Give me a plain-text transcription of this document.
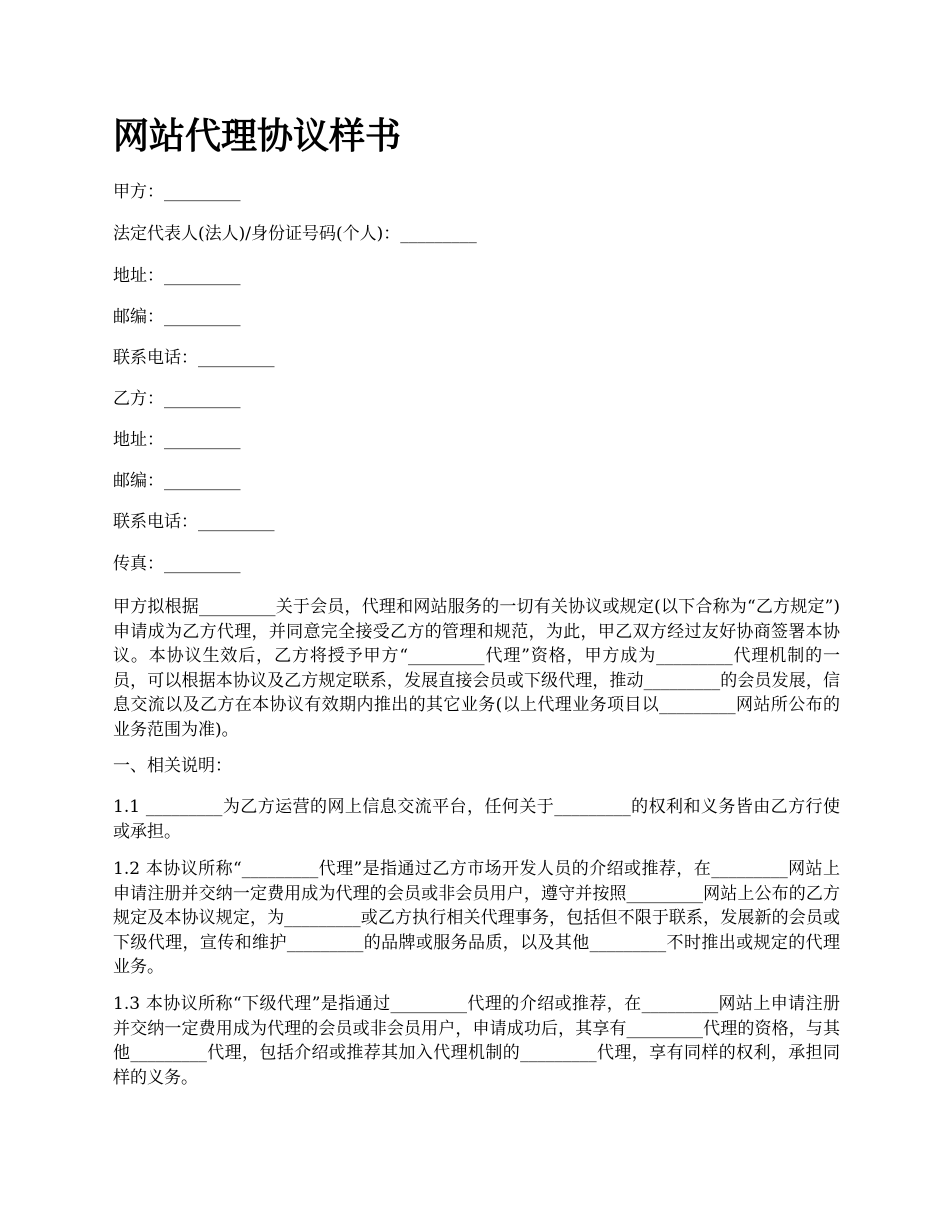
网站代理协议样书

甲方：_________

法定代表人(法人)/身份证号码(个人)：_________

地址：_________

邮编：_________

联系电话：_________

乙方：_________

地址：_________

邮编：_________

联系电话：_________

传真：_________

甲方拟根据_________关于会员，代理和网站服务的一切有关协议或规定(以下合称为“乙方规定”)申请成为乙方代理，并同意完全接受乙方的管理和规范，为此，甲乙双方经过友好协商签署本协议。本协议生效后，乙方将授予甲方“_________代理”资格，甲方成为_________代理机制的一员，可以根据本协议及乙方规定联系，发展直接会员或下级代理，推动_________的会员发展，信息交流以及乙方在本协议有效期内推出的其它业务(以上代理业务项目以_________网站所公布的业务范围为准)。

一、相关说明：

1.1 _________为乙方运营的网上信息交流平台，任何关于_________的权利和义务皆由乙方行使或承担。

1.2 本协议所称“_________代理”是指通过乙方市场开发人员的介绍或推荐，在_________网站上申请注册并交纳一定费用成为代理的会员或非会员用户，遵守并按照_________网站上公布的乙方规定及本协议规定，为_________或乙方执行相关代理事务，包括但不限于联系，发展新的会员或下级代理，宣传和维护_________的品牌或服务品质，以及其他_________不时推出或规定的代理业务。

1.3 本协议所称“下级代理”是指通过_________代理的介绍或推荐，在_________网站上申请注册并交纳一定费用成为代理的会员或非会员用户，申请成功后，其享有_________代理的资格，与其他_________代理，包括介绍或推荐其加入代理机制的_________代理，享有同样的权利，承担同样的义务。
